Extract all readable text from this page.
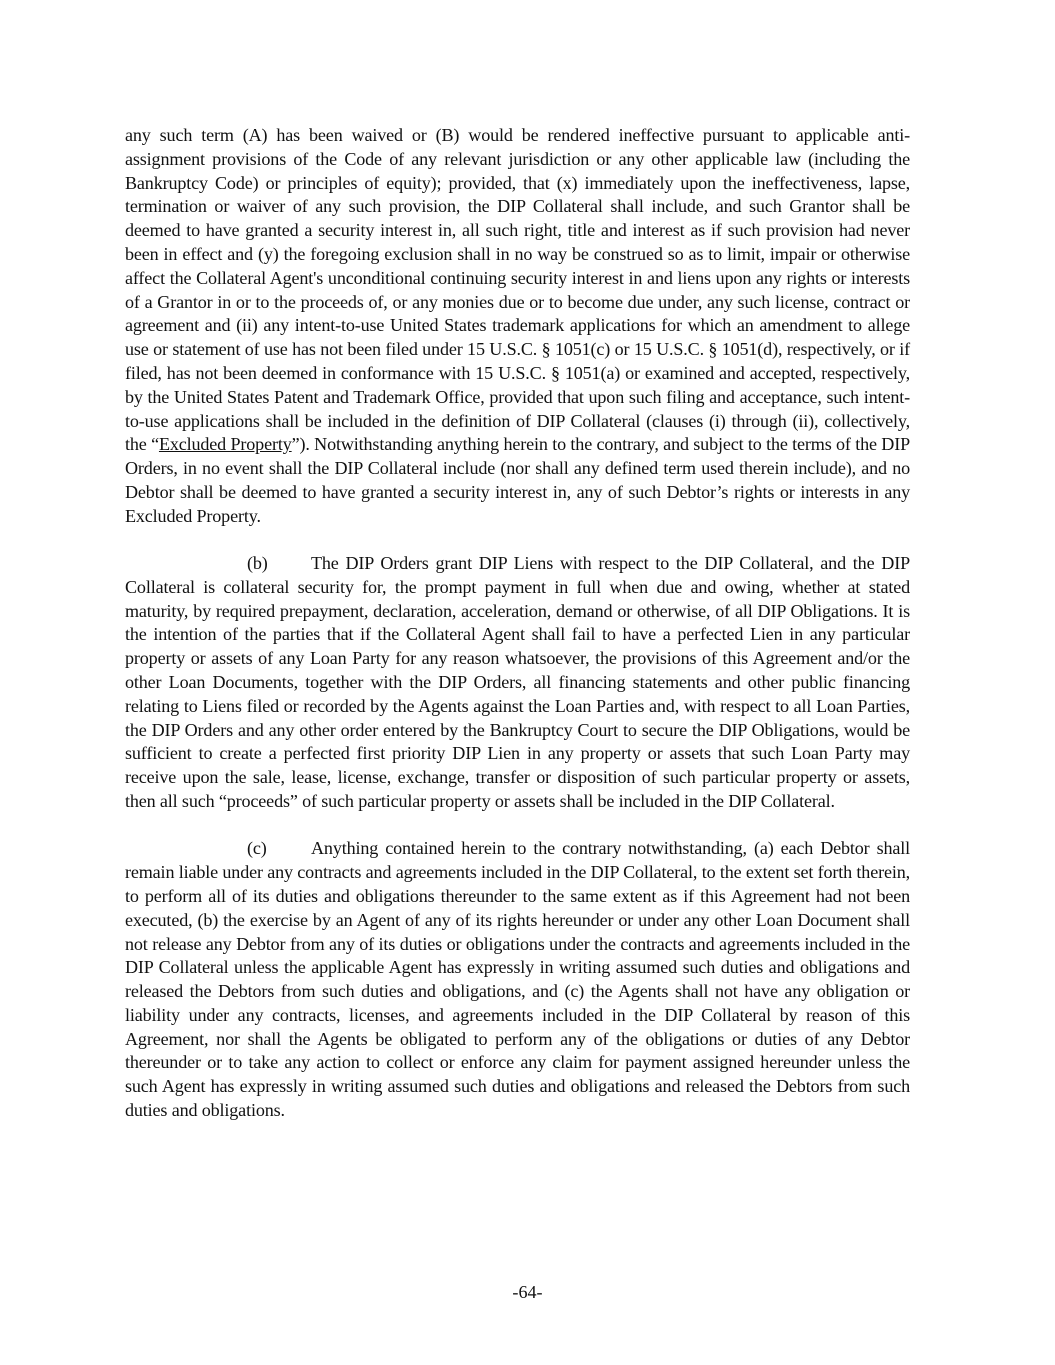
any such term (A) has been waived or (B) would be rendered ineffective pursuant to applicable anti-assignment provisions of the Code of any relevant jurisdiction or any other applicable law (including the Bankruptcy Code) or principles of equity); provided, that (x) immediately upon the ineffectiveness, lapse, termination or waiver of any such provision, the DIP Collateral shall include, and such Grantor shall be deemed to have granted a security interest in, all such right, title and interest as if such provision had never been in effect and (y) the foregoing exclusion shall in no way be construed so as to limit, impair or otherwise affect the Collateral Agent's unconditional continuing security interest in and liens upon any rights or interests of a Grantor in or to the proceeds of, or any monies due or to become due under, any such license, contract or agreement and (ii) any intent-to-use United States trademark applications for which an amendment to allege use or statement of use has not been filed under 15 U.S.C. § 1051(c) or 15 U.S.C. § 1051(d), respectively, or if filed, has not been deemed in conformance with 15 U.S.C. § 1051(a) or examined and accepted, respectively, by the United States Patent and Trademark Office, provided that upon such filing and acceptance, such intent-to-use applications shall be included in the definition of DIP Collateral (clauses (i) through (ii), collectively, the “Excluded Property”). Notwithstanding anything herein to the contrary, and subject to the terms of the DIP Orders, in no event shall the DIP Collateral include (nor shall any defined term used therein include), and no Debtor shall be deemed to have granted a security interest in, any of such Debtor’s rights or interests in any Excluded Property.

(b) The DIP Orders grant DIP Liens with respect to the DIP Collateral, and the DIP Collateral is collateral security for, the prompt payment in full when due and owing, whether at stated maturity, by required prepayment, declaration, acceleration, demand or otherwise, of all DIP Obligations. It is the intention of the parties that if the Collateral Agent shall fail to have a perfected Lien in any particular property or assets of any Loan Party for any reason whatsoever, the provisions of this Agreement and/or the other Loan Documents, together with the DIP Orders, all financing statements and other public financing relating to Liens filed or recorded by the Agents against the Loan Parties and, with respect to all Loan Parties, the DIP Orders and any other order entered by the Bankruptcy Court to secure the DIP Obligations, would be sufficient to create a perfected first priority DIP Lien in any property or assets that such Loan Party may receive upon the sale, lease, license, exchange, transfer or disposition of such particular property or assets, then all such “proceeds” of such particular property or assets shall be included in the DIP Collateral.

(c) Anything contained herein to the contrary notwithstanding, (a) each Debtor shall remain liable under any contracts and agreements included in the DIP Collateral, to the extent set forth therein, to perform all of its duties and obligations thereunder to the same extent as if this Agreement had not been executed, (b) the exercise by an Agent of any of its rights hereunder or under any other Loan Document shall not release any Debtor from any of its duties or obligations under the contracts and agreements included in the DIP Collateral unless the applicable Agent has expressly in writing assumed such duties and obligations and released the Debtors from such duties and obligations, and (c) the Agents shall not have any obligation or liability under any contracts, licenses, and agreements included in the DIP Collateral by reason of this Agreement, nor shall the Agents be obligated to perform any of the obligations or duties of any Debtor thereunder or to take any action to collect or enforce any claim for payment assigned hereunder unless the such Agent has expressly in writing assumed such duties and obligations and released the Debtors from such duties and obligations.

-64-
